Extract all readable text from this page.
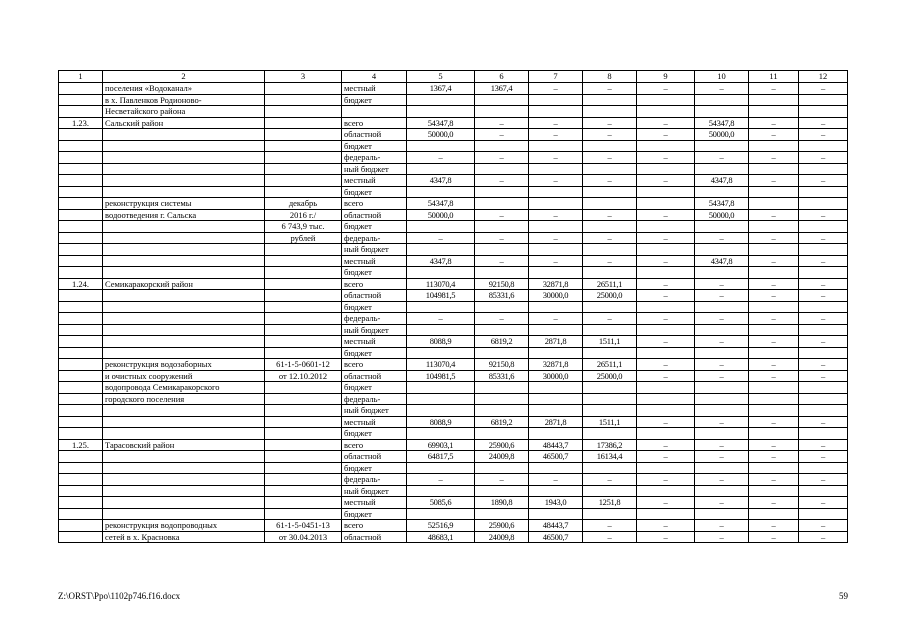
1	2	3	4	5	6	7	8	9	10	11	12
	поселения «Водоканал»		местный	1367,4	1367,4	–	–	–	–	–	–
	в х. Павленков Родионово-		бюджет								
	Несветайского района										
1.23.	Сальский район		всего	54347,8	–	–	–	–	54347,8	–	–
			областной	50000,0	–	–	–	–	50000,0	–	–
			бюджет								
			федераль-	–	–	–	–	–	–	–	–
			ный бюджет								
			местный	4347,8	–	–	–	–	4347,8	–	–
			бюджет								
	реконструкция системы	декабрь	всего	54347,8					54347,8		
	водоотведения г. Сальска	2016 г./	областной	50000,0	–	–	–	–	50000,0	–	–
		6 743,9 тыс.	бюджет								
		рублей	федераль-	–	–	–	–	–	–	–	–
			ный бюджет								
			местный	4347,8	–	–	–	–	4347,8	–	–
			бюджет								
1.24.	Семикаракорский район		всего	113070,4	92150,8	32871,8	26511,1	–	–	–	–
			областной	104981,5	85331,6	30000,0	25000,0	–	–	–	–
			бюджет								
			федераль-	–	–	–	–	–	–	–	–
			ный бюджет								
			местный	8088,9	6819,2	2871,8	1511,1	–	–	–	–
			бюджет								
	реконструкция водозаборных	61-1-5-0601-12	всего	113070,4	92150,8	32871,8	26511,1	–	–	–	–
	и очистных сооружений	от 12.10.2012	областной	104981,5	85331,6	30000,0	25000,0	–	–	–	–
	водопровода Семикаракорского		бюджет								
	городского поселения		федераль-								
			ный бюджет								
			местный	8088,9	6819,2	2871,8	1511,1	–	–	–	–
			бюджет								
1.25.	Тарасовский район		всего	69903,1	25900,6	48443,7	17386,2	–	–	–	–
			областной	64817,5	24009,8	46500,7	16134,4	–	–	–	–
			бюджет								
			федераль-	–	–	–	–	–	–	–	–
			ный бюджет								
			местный	5085,6	1890,8	1943,0	1251,8	–	–	–	–
			бюджет								
	реконструкция водопроводных	61-1-5-0451-13	всего	52516,9	25900,6	48443,7	–	–	–	–	–
	сетей в х. Красновка	от 30.04.2013	областной	48683,1	24009,8	46500,7	–	–	–	–	–
Z:\ORST\Ppo\1102p746.f16.docx	59
